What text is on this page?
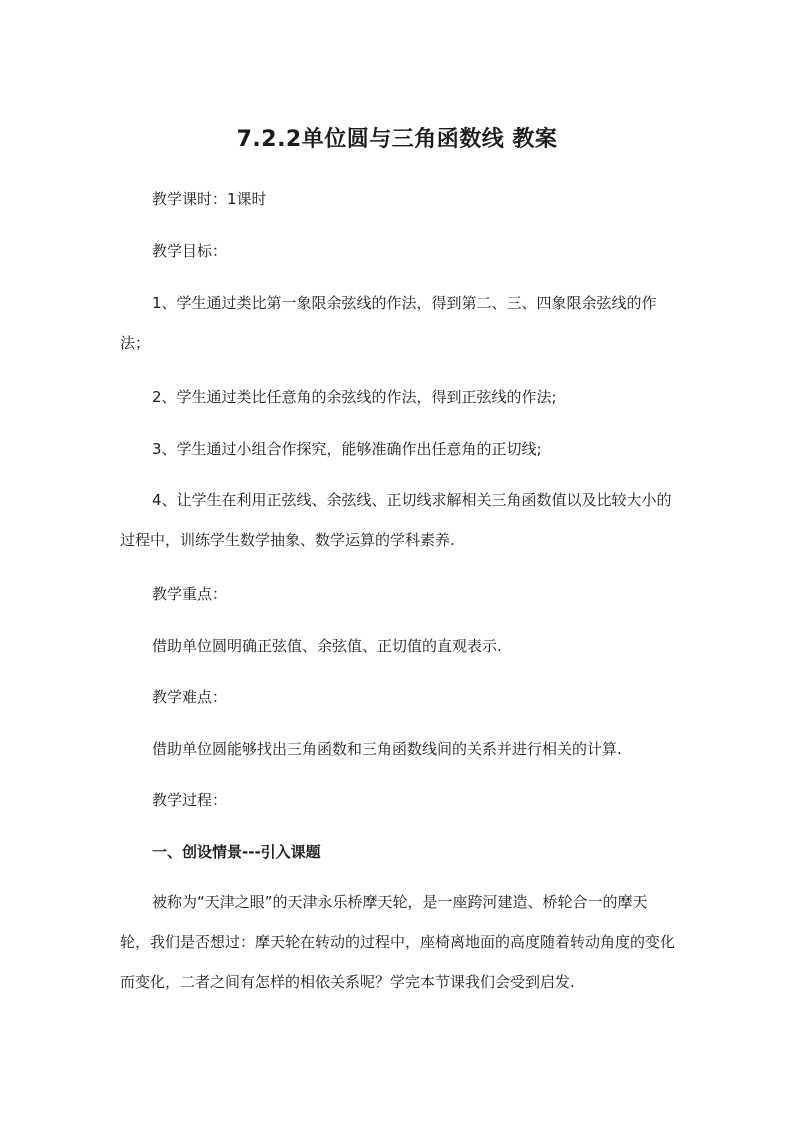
7.2.2单位圆与三角函数线 教案

教学课时：1课时

教学目标：

1、学生通过类比第一象限余弦线的作法，得到第二、三、四象限余弦线的作法；

2、学生通过类比任意角的余弦线的作法，得到正弦线的作法;

3、学生通过小组合作探究，能够准确作出任意角的正切线;

4、让学生在利用正弦线、余弦线、正切线求解相关三角函数值以及比较大小的过程中，训练学生数学抽象、数学运算的学科素养.

教学重点：

借助单位圆明确正弦值、余弦值、正切值的直观表示.

教学难点：

借助单位圆能够找出三角函数和三角函数线间的关系并进行相关的计算.

教学过程：

一、创设情景---引入课题

被称为“天津之眼”的天津永乐桥摩天轮，是一座跨河建造、桥轮合一的摩天轮，我们是否想过：摩天轮在转动的过程中，座椅离地面的高度随着转动角度的变化而变化，二者之间有怎样的相依关系呢？学完本节课我们会受到启发.
